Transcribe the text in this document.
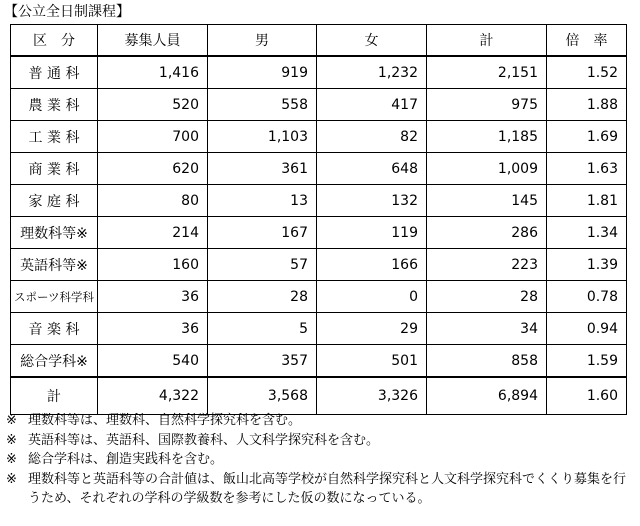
【公立全日制課程】
区　分	募集人員	男	女	計	倍　率
普 通 科	1,416	919	1,232	2,151	1.52
農 業 科	520	558	417	975	1.88
工 業 科	700	1,103	82	1,185	1.69
商 業 科	620	361	648	1,009	1.63
家 庭 科	80	13	132	145	1.81
理数科等※	214	167	119	286	1.34
英語科等※	160	57	166	223	1.39
スポーツ科学科	36	28	0	28	0.78
音 楽 科	36	5	29	34	0.94
総合学科※	540	357	501	858	1.59
計	4,322	3,568	3,326	6,894	1.60
※ 理数科等は、理数科、自然科学探究科を含む。
※ 英語科等は、英語科、国際教養科、人文科学探究科を含む。
※ 総合学科は、創造実践科を含む。
※ 理数科等と英語科等の合計値は、飯山北高等学校が自然科学探究科と人文科学探究科でくくり募集を行うため、それぞれの学科の学級数を参考にした仮の数になっている。
